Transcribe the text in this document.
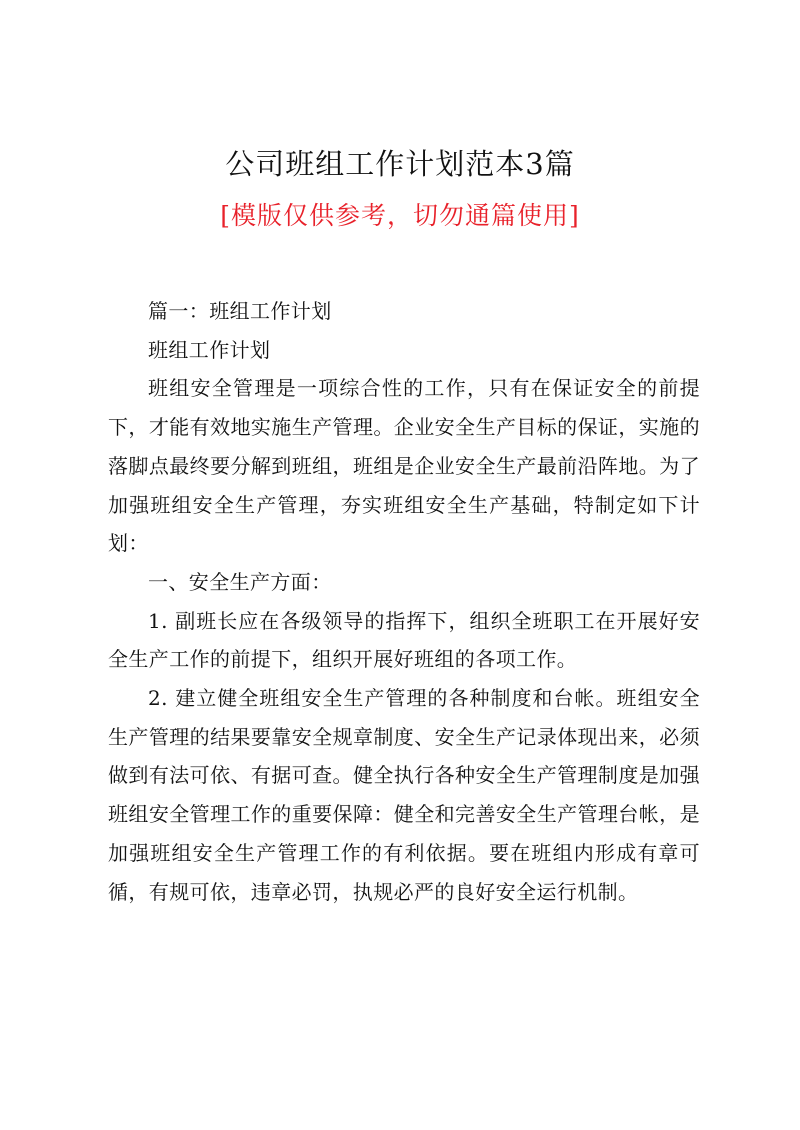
公司班组工作计划范本3篇
[模版仅供参考，切勿通篇使用]

篇一：班组工作计划

班组工作计划

班组安全管理是一项综合性的工作，只有在保证安全的前提下，才能有效地实施生产管理。企业安全生产目标的保证，实施的落脚点最终要分解到班组，班组是企业安全生产最前沿阵地。为了加强班组安全生产管理，夯实班组安全生产基础，特制定如下计划：

一、安全生产方面：

1. 副班长应在各级领导的指挥下，组织全班职工在开展好安全生产工作的前提下，组织开展好班组的各项工作。

2. 建立健全班组安全生产管理的各种制度和台帐。班组安全生产管理的结果要靠安全规章制度、安全生产记录体现出来，必须做到有法可依、有据可查。健全执行各种安全生产管理制度是加强班组安全管理工作的重要保障：健全和完善安全生产管理台帐，是加强班组安全生产管理工作的有利依据。要在班组内形成有章可循，有规可依，违章必罚，执规必严的良好安全运行机制。
